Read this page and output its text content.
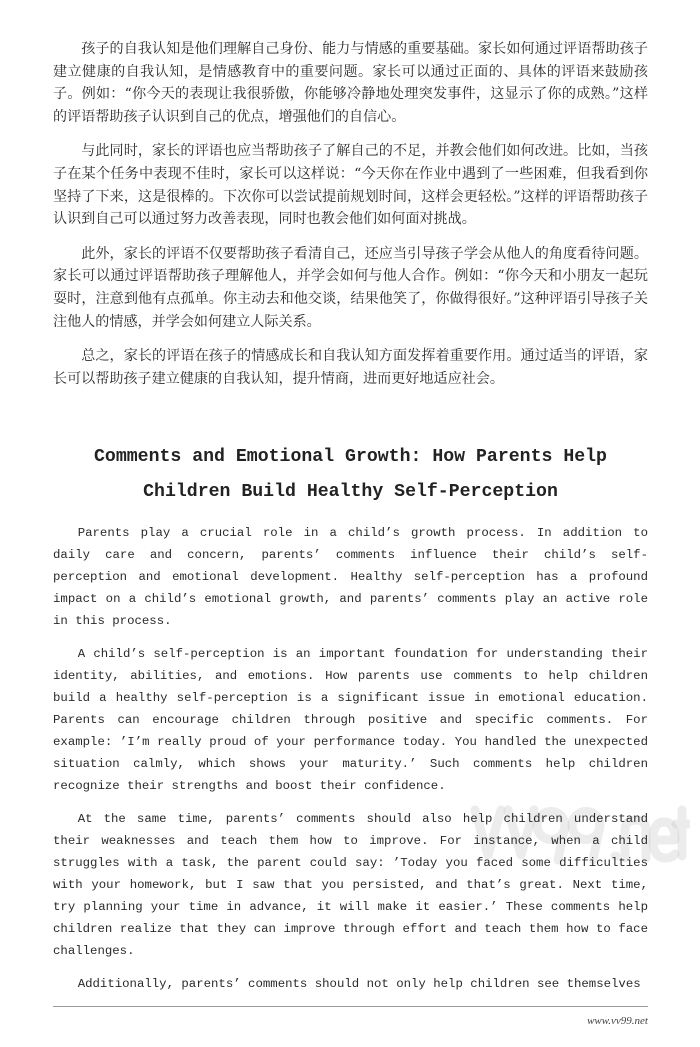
孩子的自我认知是他们理解自己身份、能力与情感的重要基础。家长如何通过评语帮助孩子建立健康的自我认知，是情感教育中的重要问题。家长可以通过正面的、具体的评语来鼓励孩子。例如：“你今天的表现让我很骄傲，你能够冷静地处理突发事件，这显示了你的成熟。”这样的评语帮助孩子认识到自己的优点，增强他们的自信心。

与此同时，家长的评语也应当帮助孩子了解自己的不足，并教会他们如何改进。比如，当孩子在某个任务中表现不佳时，家长可以这样说：“今天你在作业中遇到了一些困难，但我看到你坚持了下来，这是很棒的。下次你可以尝试提前规划时间，这样会更轻松。”这样的评语帮助孩子认识到自己可以通过努力改善表现，同时也教会他们如何面对挑战。

此外，家长的评语不仅要帮助孩子看清自己，还应当引导孩子学会从他人的角度看待问题。家长可以通过评语帮助孩子理解他人，并学会如何与他人合作。例如：“你今天和小朋友一起玩耍时，注意到他有点孤单。你主动去和他交谈，结果他笑了，你做得很好。”这种评语引导孩子关注他人的情感，并学会如何建立人际关系。

总之，家长的评语在孩子的情感成长和自我认知方面发挥着重要作用。通过适当的评语，家长可以帮助孩子建立健康的自我认知，提升情商，进而更好地适应社会。

Comments and Emotional Growth: How Parents Help Children Build Healthy Self-Perception

Parents play a crucial role in a child’s growth process. In addition to daily care and concern, parents’ comments influence their child’s self-perception and emotional development. Healthy self-perception has a profound impact on a child’s emotional growth, and parents’ comments play an active role in this process.

A child’s self-perception is an important foundation for understanding their identity, abilities, and emotions. How parents use comments to help children build a healthy self-perception is a significant issue in emotional education. Parents can encourage children through positive and specific comments. For example: ’I’m really proud of your performance today. You handled the unexpected situation calmly, which shows your maturity.’ Such comments help children recognize their strengths and boost their confidence.

At the same time, parents’ comments should also help children understand their weaknesses and teach them how to improve. For instance, when a child struggles with a task, the parent could say: ’Today you faced some difficulties with your homework, but I saw that you persisted, and that’s great. Next time, try planning your time in advance, it will make it easier.’ These comments help children realize that they can improve through effort and teach them how to face challenges.

Additionally, parents’ comments should not only help children see themselves

www.vv99.net
